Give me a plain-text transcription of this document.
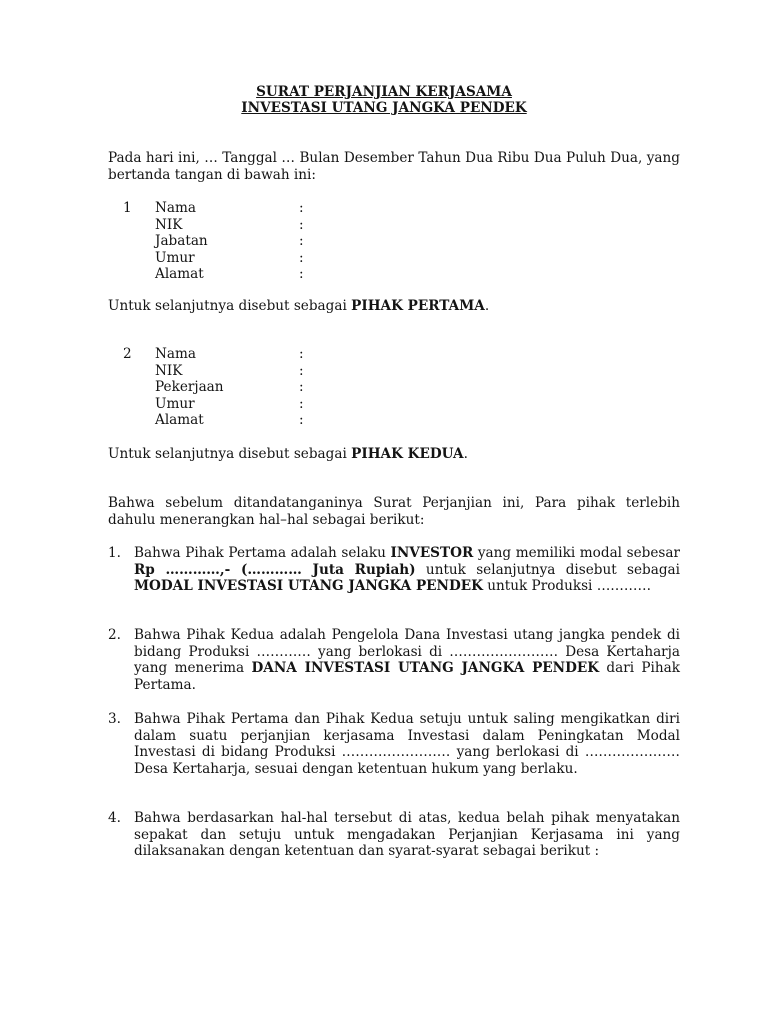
SURAT PERJANJIAN KERJASAMA
INVESTASI UTANG JANGKA PENDEK
Pada hari ini, … Tanggal … Bulan Desember Tahun Dua Ribu Dua Puluh Dua, yang bertanda tangan di bawah ini:
1 Nama
NIK
Jabatan
Umur
Alamat
:
:
:
:
:
Untuk selanjutnya disebut sebagai PIHAK PERTAMA.
2 Nama
NIK
Pekerjaan
Umur
Alamat
:
:
:
:
:
Untuk selanjutnya disebut sebagai PIHAK KEDUA.
Bahwa sebelum ditandatanganinya Surat Perjanjian ini, Para pihak terlebih dahulu menerangkan hal–hal sebagai berikut:
1. Bahwa Pihak Pertama adalah selaku INVESTOR yang memiliki modal sebesar Rp …………,- (………… Juta Rupiah) untuk selanjutnya disebut sebagai MODAL INVESTASI UTANG JANGKA PENDEK untuk Produksi …………
2. Bahwa Pihak Kedua adalah Pengelola Dana Investasi utang jangka pendek di bidang Produksi ………… yang berlokasi di …………………… Desa Kertaharja yang menerima DANA INVESTASI UTANG JANGKA PENDEK dari Pihak Pertama.
3. Bahwa Pihak Pertama dan Pihak Kedua setuju untuk saling mengikatkan diri dalam suatu perjanjian kerjasama Investasi dalam Peningkatan Modal Investasi di bidang Produksi …………………… yang berlokasi di ………………… Desa Kertaharja, sesuai dengan ketentuan hukum yang berlaku.
4. Bahwa berdasarkan hal-hal tersebut di atas, kedua belah pihak menyatakan sepakat dan setuju untuk mengadakan Perjanjian Kerjasama ini yang dilaksanakan dengan ketentuan dan syarat-syarat sebagai berikut :
